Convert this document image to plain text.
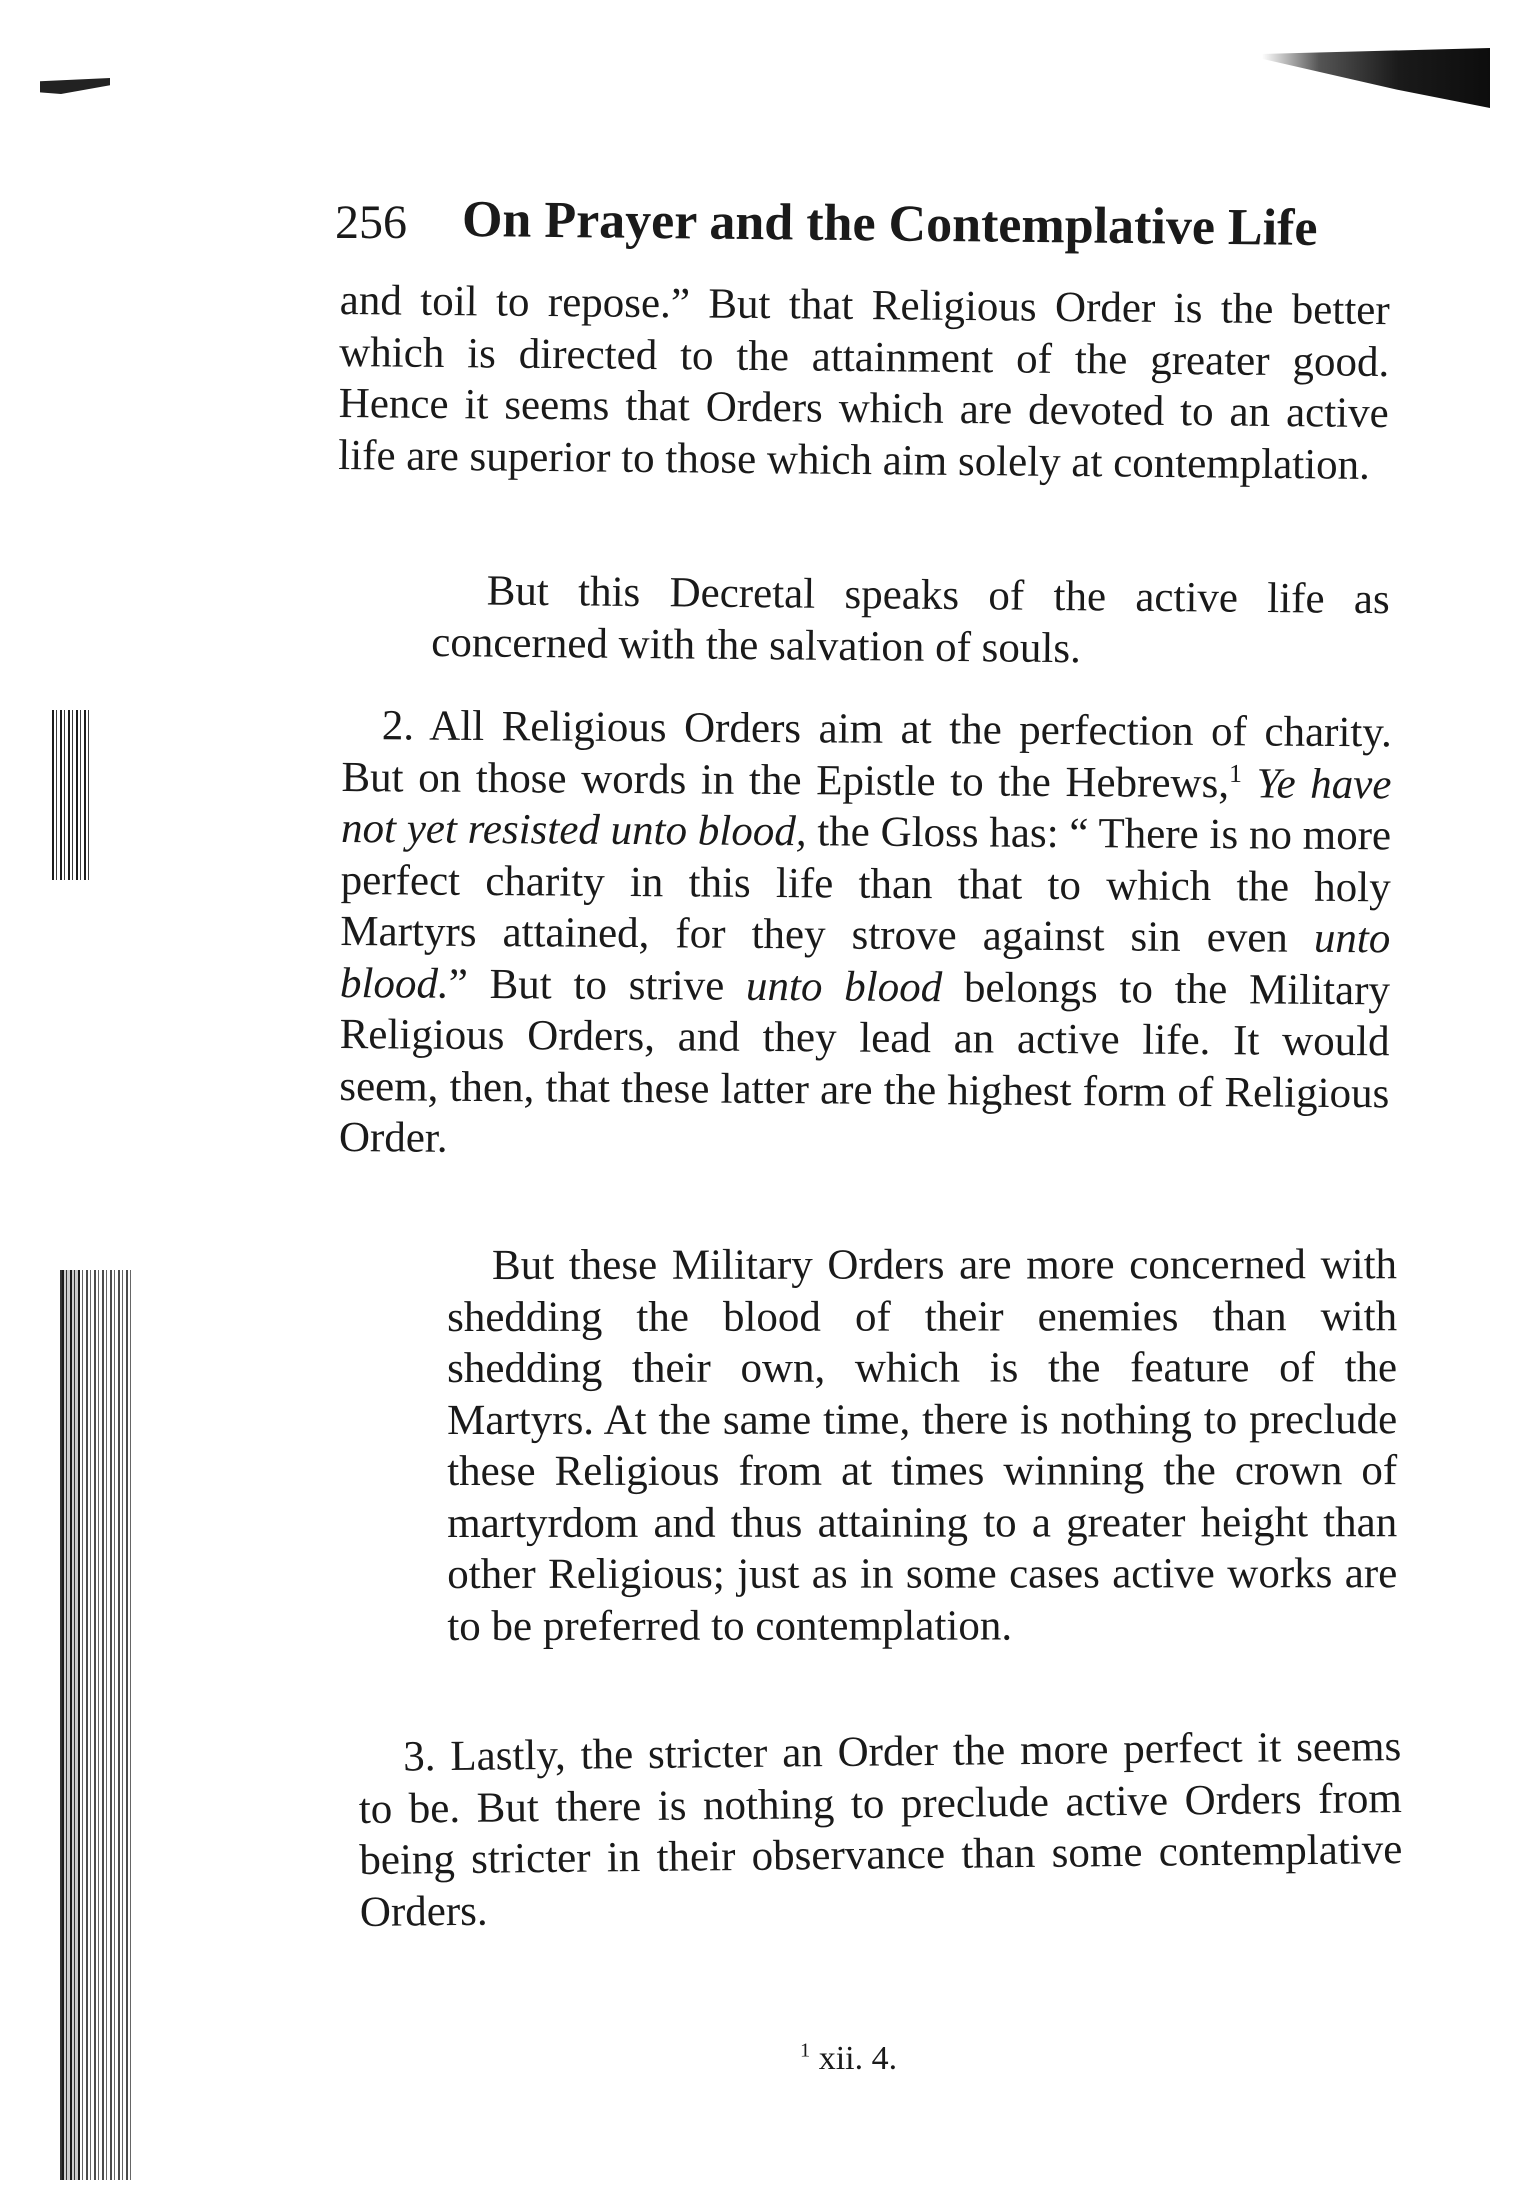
256 On Prayer and the Contemplative Life

and toil to repose.” But that Religious Order is the better which is directed to the attainment of the greater good. Hence it seems that Orders which are devoted to an active life are superior to those which aim solely at contemplation.

But this Decretal speaks of the active life as concerned with the salvation of souls.

2. All Religious Orders aim at the perfection of charity. But on those words in the Epistle to the Hebrews,$^1$ Ye have not yet resisted unto blood, the Gloss has: “ There is no more perfect charity in this life than that to which the holy Martyrs attained, for they strove against sin even unto blood.” But to strive unto blood belongs to the Military Religious Orders, and they lead an active life. It would seem, then, that these latter are the highest form of Religious Order.

But these Military Orders are more concerned with shedding the blood of their enemies than with shedding their own, which is the feature of the Martyrs. At the same time, there is nothing to preclude these Religious from at times winning the crown of martyrdom and thus attaining to a greater height than other Religious; just as in some cases active works are to be preferred to contemplation.

3. Lastly, the stricter an Order the more perfect it seems to be. But there is nothing to preclude active Orders from being stricter in their observance than some contemplative Orders.

$^1$ xii. 4.
